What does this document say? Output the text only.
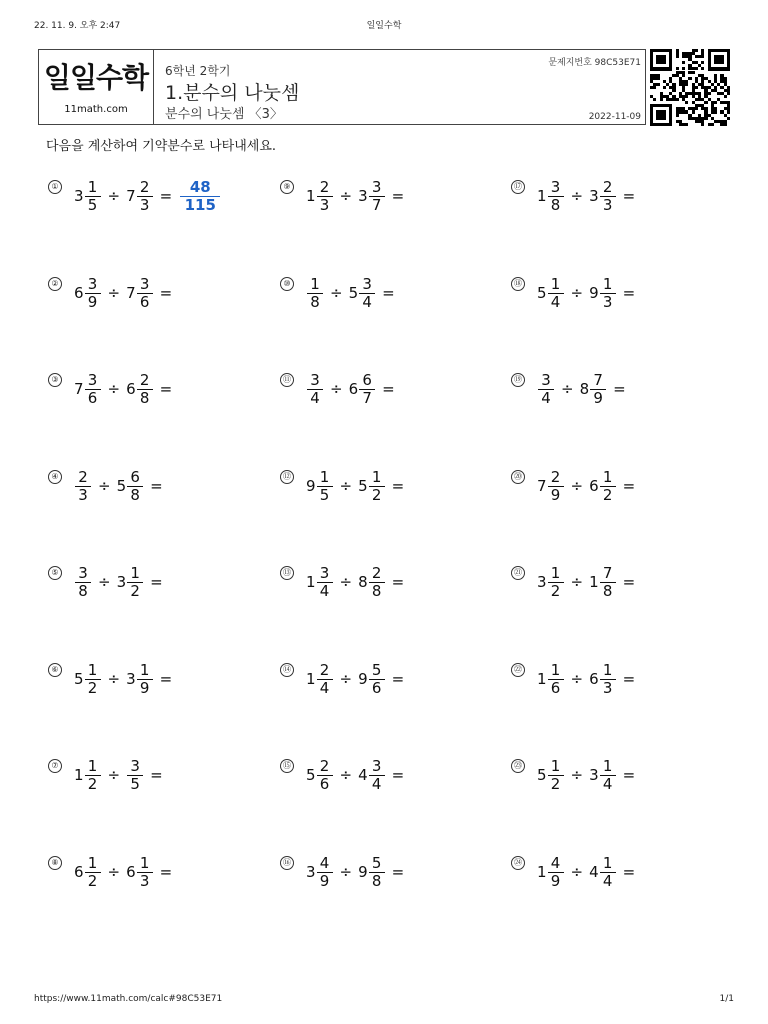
22. 11. 9. 오후 2:47	일일수학
일일수학
11math.com
6학년 2학기
1.분수의 나눗셈
분수의 나눗셈 〈3〉
문제지번호 98C53E71
2022-11-09
다음을 계산하여 기약분수로 나타내세요.
①
$3 \frac{1}{5} \div 7 \frac{2}{3}$ =
48
115
②
$6 \frac{3}{9} \div 7 \frac{3}{6}$ =
③
$7 \frac{3}{6} \div 6 \frac{2}{8}$ =
④ $\frac{2}{3} \div 5 \frac{6}{8}$ =
⑤ $\frac{3}{8} \div 3 \frac{1}{2}$ =
⑥
$5 \frac{1}{2} \div 3 \frac{1}{9}$ =
⑦
$1 \frac{1}{2} \div \frac{3}{5}$ =
⑧
$6 \frac{1}{2} \div 6 \frac{1}{3}$ =
⑨
$1 \frac{2}{3} \div 3 \frac{3}{7}$ =
⑩ $\frac{1}{8} \div 5 \frac{3}{4}$ =
⑪ $\frac{3}{4} \div 6 \frac{6}{7}$ =
⑫
$9 \frac{1}{5} \div 5 \frac{1}{2}$ =
⑬
$1 \frac{3}{4} \div 8 \frac{2}{8}$ =
⑭
$1 \frac{2}{4} \div 9 \frac{5}{6}$ =
⑮
$5 \frac{2}{6} \div 4 \frac{3}{4}$ =
⑯
$3 \frac{4}{9} \div 9 \frac{5}{8}$ =
⑰
$1 \frac{3}{8} \div 3 \frac{2}{3}$ =
⑱
$5 \frac{1}{4} \div 9 \frac{1}{3}$ =
⑲ $\frac{3}{4} \div 8 \frac{7}{9}$ =
⑳
$7 \frac{2}{9} \div 6 \frac{1}{2}$ =
㉑
$3 \frac{1}{2} \div 1 \frac{7}{8}$ =
㉒
$1 \frac{1}{6} \div 6 \frac{1}{3}$ =
㉓
$5 \frac{1}{2} \div 3 \frac{1}{4}$ =
㉔
$1 \frac{4}{9} \div 4 \frac{1}{4}$ =
https://www.11math.com/calc#98C53E71	1/1
